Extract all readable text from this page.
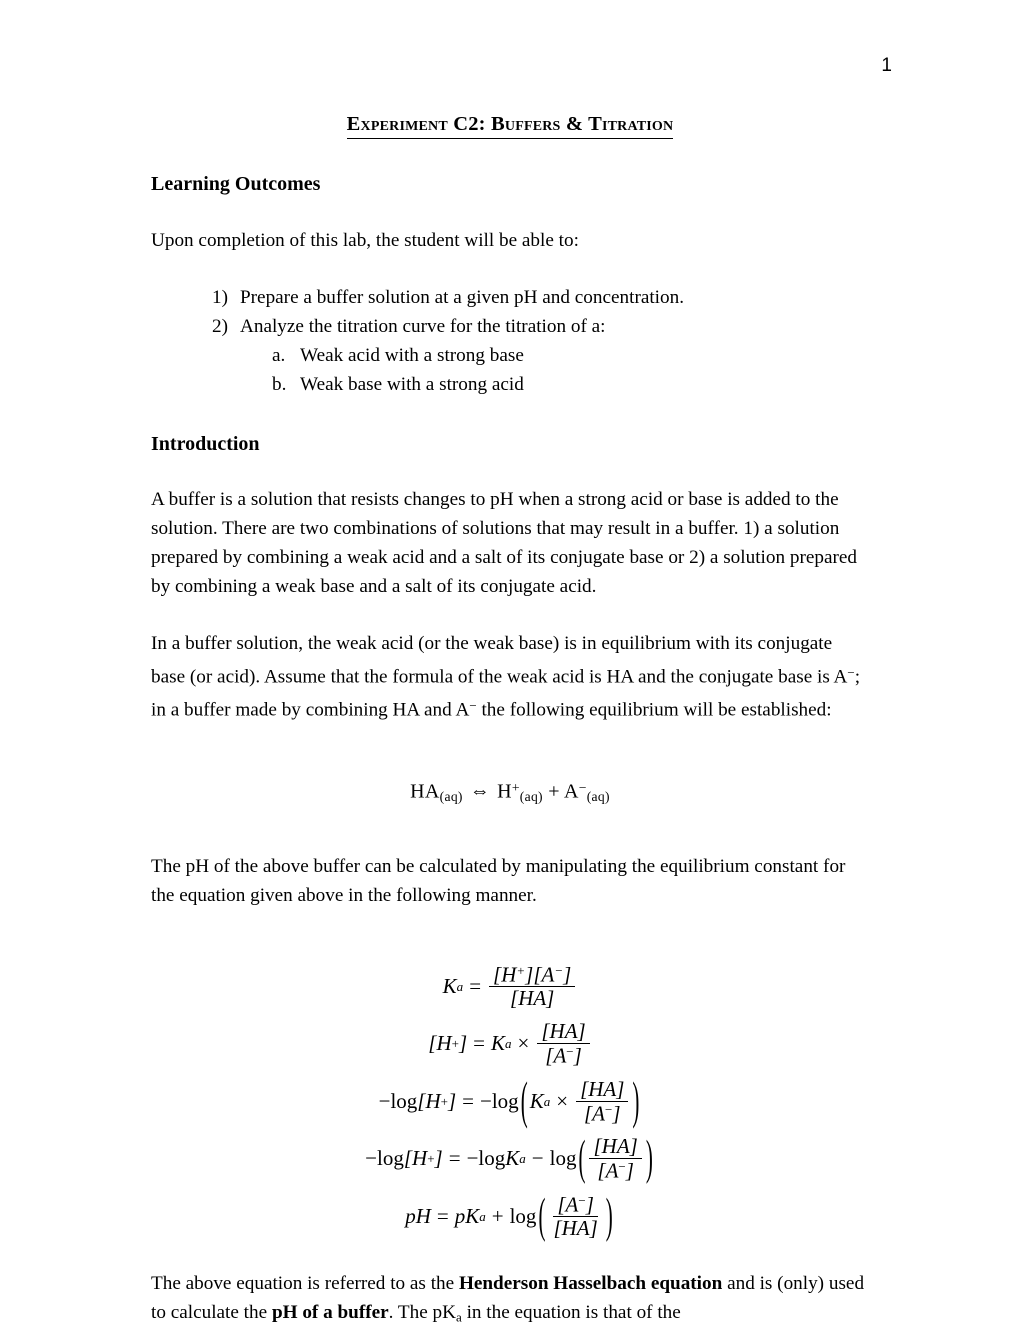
1
Experiment C2: Buffers & Titration
Learning Outcomes

Upon completion of this lab, the student will be able to:

1) Prepare a buffer solution at a given pH and concentration.
2) Analyze the titration curve for the titration of a:
a. Weak acid with a strong base
b. Weak base with a strong acid
Introduction

A buffer is a solution that resists changes to pH when a strong acid or base is added to the solution. There are two combinations of solutions that may result in a buffer. 1) a solution prepared by combining a weak acid and a salt of its conjugate base or 2) a solution prepared by combining a weak base and a salt of its conjugate acid.

In a buffer solution, the weak acid (or the weak base) is in equilibrium with its conjugate base (or acid). Assume that the formula of the weak acid is HA and the conjugate base is A−; in a buffer made by combining HA and A− the following equilibrium will be established:

$HA_{(aq)}$ ⇔ $H^+_{(aq)} + A^-_{(aq)}$

The pH of the above buffer can be calculated by manipulating the equilibrium constant for the equation given above in the following manner.

K $a = \frac{[H+][A-]}{[HA]}$
[H + ] = K $a \times \frac{[HA]}{[A-]}$
− log [H + ] = − log ( K $a \times \frac{[HA]}{[A-]}$ )
− log [H + ] = − log K a − log ( $\frac{[HA]}{[A-]}$ )
p H = pK a + log ( $\frac{[A-]}{[HA]}$ )

The above equation is referred to as the Henderson Hasselbach equation and is (only) used to calculate the pH of a buffer. The $pK_a$ in the equation is that of the
